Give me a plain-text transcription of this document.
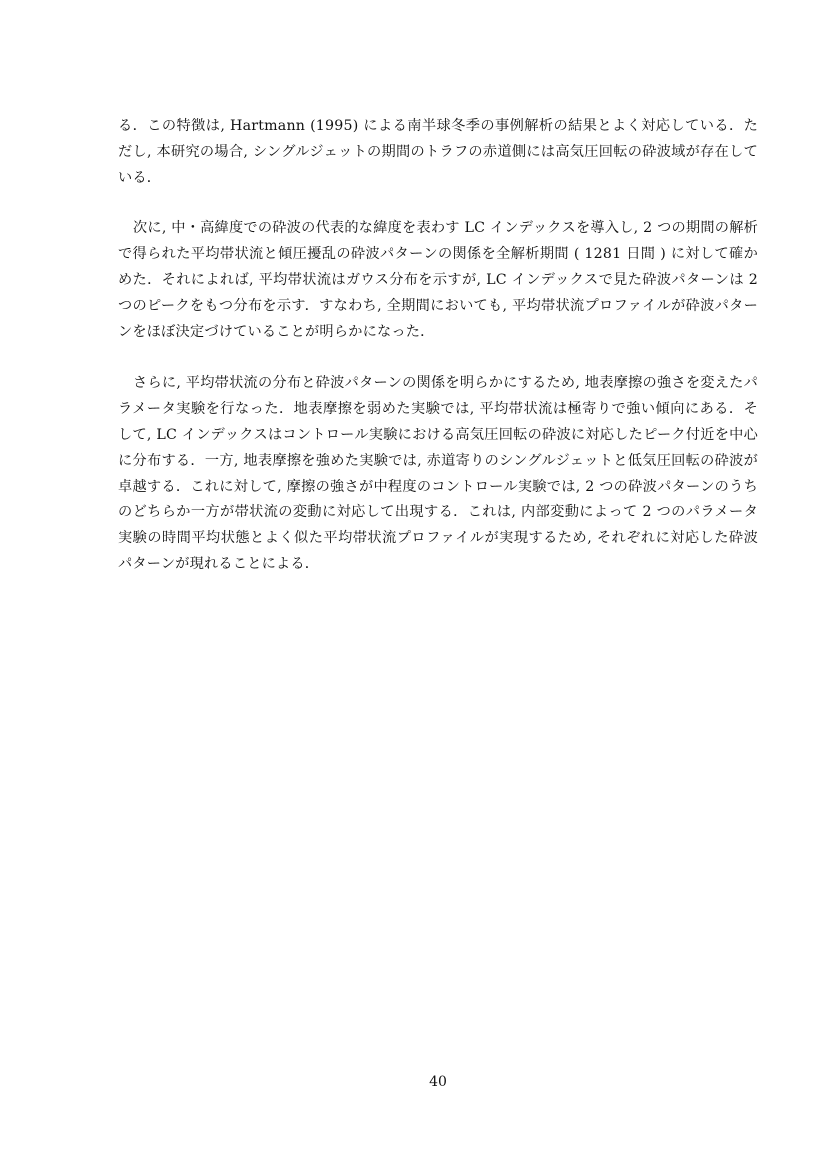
る．この特徴は, Hartmann (1995) による南半球冬季の事例解析の結果とよく対応している．ただし, 本研究の場合, シングルジェットの期間のトラフの赤道側には高気圧回転の砕波域が存在している．

次に, 中・高緯度での砕波の代表的な緯度を表わす LC インデックスを導入し, 2 つの期間の解析で得られた平均帯状流と傾圧擾乱の砕波パターンの関係を全解析期間 ( 1281 日間 ) に対して確かめた．それによれば, 平均帯状流はガウス分布を示すが, LC インデックスで見た砕波パターンは 2 つのピークをもつ分布を示す．すなわち, 全期間においても, 平均帯状流プロファイルが砕波パターンをほぼ決定づけていることが明らかになった．

さらに, 平均帯状流の分布と砕波パターンの関係を明らかにするため, 地表摩擦の強さを変えたパラメータ実験を行なった．地表摩擦を弱めた実験では, 平均帯状流は極寄りで強い傾向にある．そして, LC インデックスはコントロール実験における高気圧回転の砕波に対応したピーク付近を中心に分布する．一方, 地表摩擦を強めた実験では, 赤道寄りのシングルジェットと低気圧回転の砕波が卓越する．これに対して, 摩擦の強さが中程度のコントロール実験では, 2 つの砕波パターンのうちのどちらか一方が帯状流の変動に対応して出現する．これは, 内部変動によって 2 つのパラメータ実験の時間平均状態とよく似た平均帯状流プロファイルが実現するため, それぞれに対応した砕波パターンが現れることによる．

40
